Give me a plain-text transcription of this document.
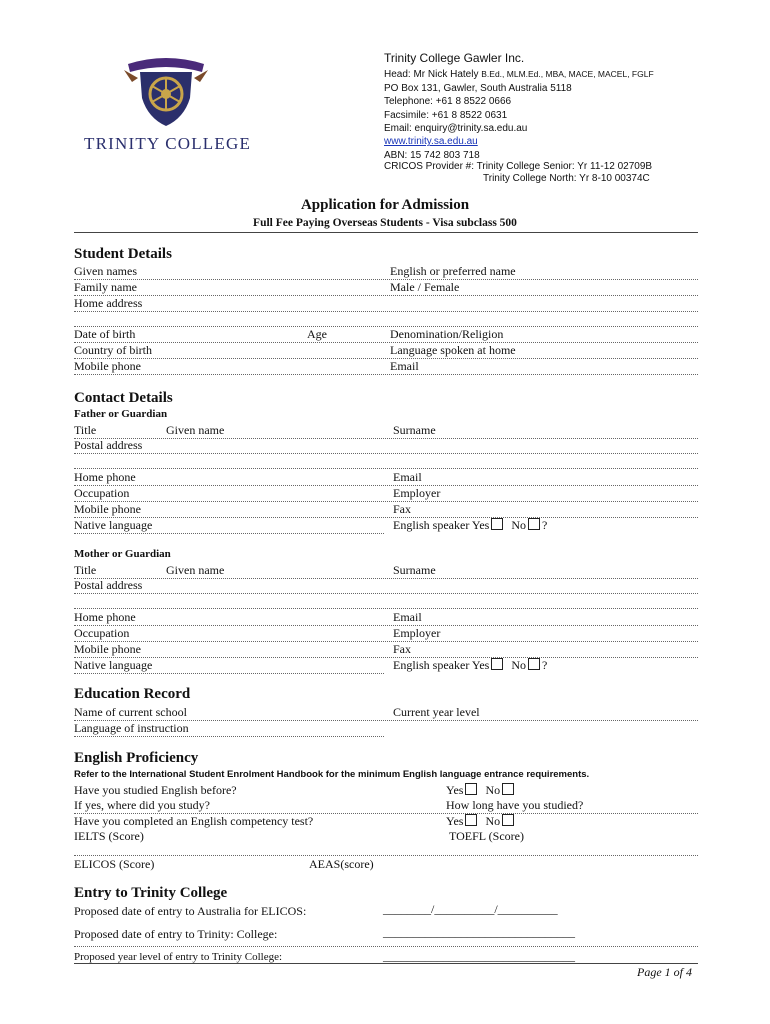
TRINITY COLLEGE
Trinity College Gawler Inc.
Head: Mr Nick Hately B.Ed., MLM.Ed., MBA, MACE, MACEL, FGLF
PO Box 131, Gawler, South Australia 5118
Telephone: +61 8 8522 0666
Facsimile: +61 8 8522 0631
Email: enquiry@trinity.sa.edu.au
www.trinity.sa.edu.au
ABN: 15 742 803 718
CRICOS Provider #: Trinity College Senior: Yr 11-12 02709B
Trinity College North: Yr 8-10 00374C
Application for Admission
Full Fee Paying Overseas Students - Visa subclass 500
Student Details
Given names	English or preferred name
Family name	Male / Female
Home address
Date of birth	Age	Denomination/Religion
Country of birth	Language spoken at home
Mobile phone	Email
Contact Details
Father or Guardian
Title	Given name	Surname
Postal address
Home phone	Email
Occupation	Employer
Mobile phone	Fax
Native language	English speaker Yes No ?
Mother or Guardian
Title	Given name	Surname
Postal address
Home phone	Email
Occupation	Employer
Mobile phone	Fax
Native language	English speaker Yes No ?
Education Record
Name of current school	Current year level
Language of instruction
English Proficiency
Refer to the International Student Enrolment Handbook for the minimum English language entrance requirements.
Have you studied English before?	Yes No
If yes, where did you study?	How long have you studied?
Have you completed an English competency test?	Yes No
IELTS (Score)	TOEFL (Score)
ELICOS (Score)	AEAS(score)
Entry to Trinity College
Proposed date of entry to Australia for ELICOS:	________/__________/__________
Proposed date of entry to Trinity: College:	________________________________
Proposed year level of entry to Trinity College:	________________________________
Page 1 of 4
